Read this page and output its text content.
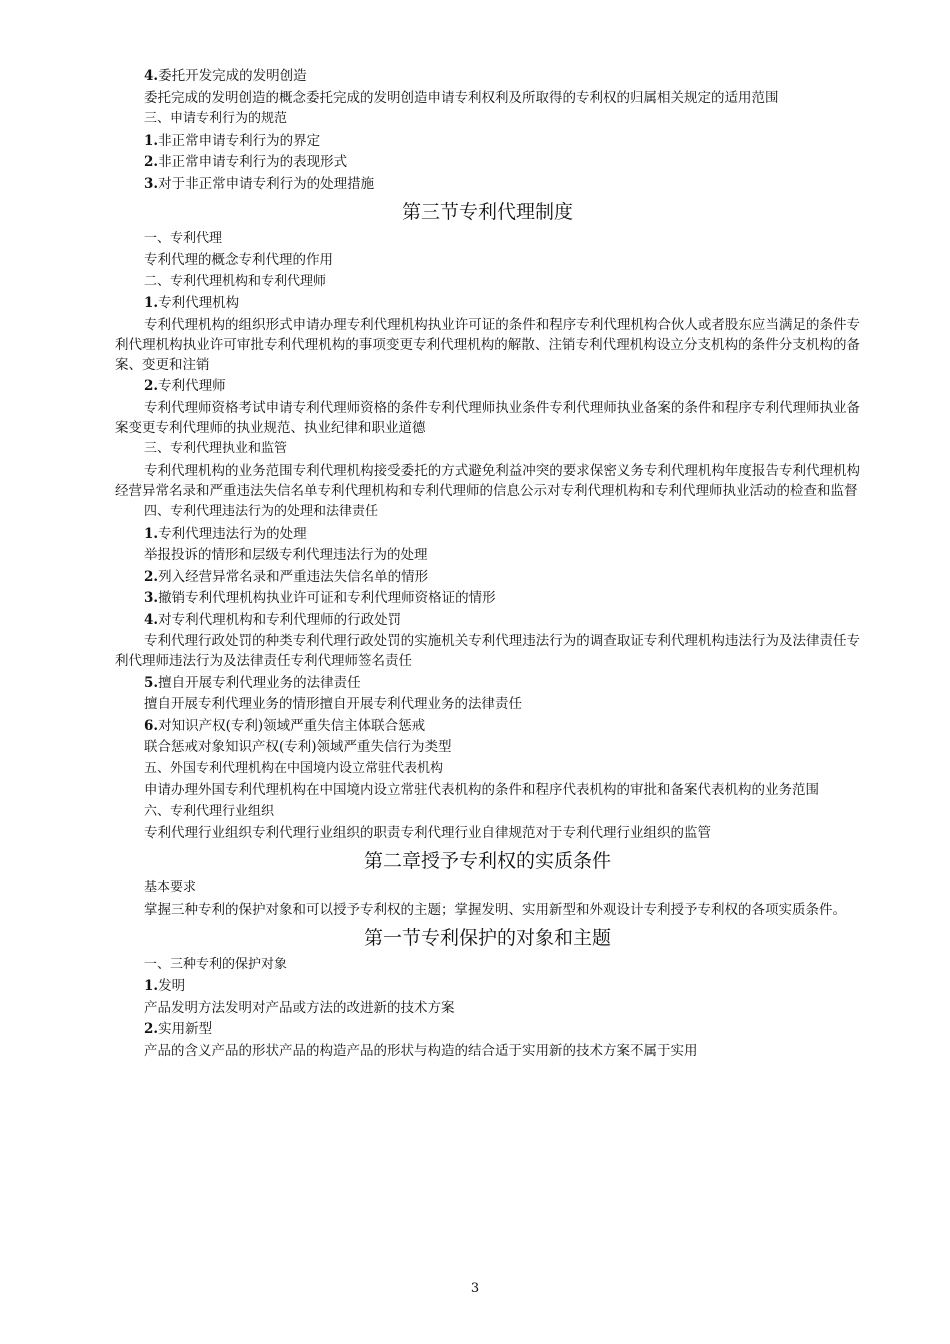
4.委托开发完成的发明创造
委托完成的发明创造的概念委托完成的发明创造申请专利权利及所取得的专利权的归属相关规定的适用范围
三、申请专利行为的规范
1.非正常申请专利行为的界定
2.非正常申请专利行为的表现形式
3.对于非正常申请专利行为的处理措施
第三节专利代理制度
一、专利代理
专利代理的概念专利代理的作用
二、专利代理机构和专利代理师
1.专利代理机构
专利代理机构的组织形式申请办理专利代理机构执业许可证的条件和程序专利代理机构合伙人或者股东应当满足的条件专利代理机构执业许可审批专利代理机构的事项变更专利代理机构的解散、注销专利代理机构设立分支机构的条件分支机构的备案、变更和注销
2.专利代理师
专利代理师资格考试申请专利代理师资格的条件专利代理师执业条件专利代理师执业备案的条件和程序专利代理师执业备案变更专利代理师的执业规范、执业纪律和职业道德
三、专利代理执业和监管
专利代理机构的业务范围专利代理机构接受委托的方式避免利益冲突的要求保密义务专利代理机构年度报告专利代理机构经营异常名录和严重违法失信名单专利代理机构和专利代理师的信息公示对专利代理机构和专利代理师执业活动的检查和监督
四、专利代理违法行为的处理和法律责任
1.专利代理违法行为的处理
举报投诉的情形和层级专利代理违法行为的处理
2.列入经营异常名录和严重违法失信名单的情形
3.撤销专利代理机构执业许可证和专利代理师资格证的情形
4.对专利代理机构和专利代理师的行政处罚
专利代理行政处罚的种类专利代理行政处罚的实施机关专利代理违法行为的调查取证专利代理机构违法行为及法律责任专利代理师违法行为及法律责任专利代理师签名责任
5.擅自开展专利代理业务的法律责任
擅自开展专利代理业务的情形擅自开展专利代理业务的法律责任
6.对知识产权(专利)领域严重失信主体联合惩戒
联合惩戒对象知识产权(专利)领域严重失信行为类型
五、外国专利代理机构在中国境内设立常驻代表机构
申请办理外国专利代理机构在中国境内设立常驻代表机构的条件和程序代表机构的审批和备案代表机构的业务范围
六、专利代理行业组织
专利代理行业组织专利代理行业组织的职责专利代理行业自律规范对于专利代理行业组织的监管
第二章授予专利权的实质条件
基本要求
掌握三种专利的保护对象和可以授予专利权的主题；掌握发明、实用新型和外观设计专利授予专利权的各项实质条件。
第一节专利保护的对象和主题
一、三种专利的保护对象
1.发明
产品发明方法发明对产品或方法的改进新的技术方案
2.实用新型
产品的含义产品的形状产品的构造产品的形状与构造的结合适于实用新的技术方案不属于实用
3
